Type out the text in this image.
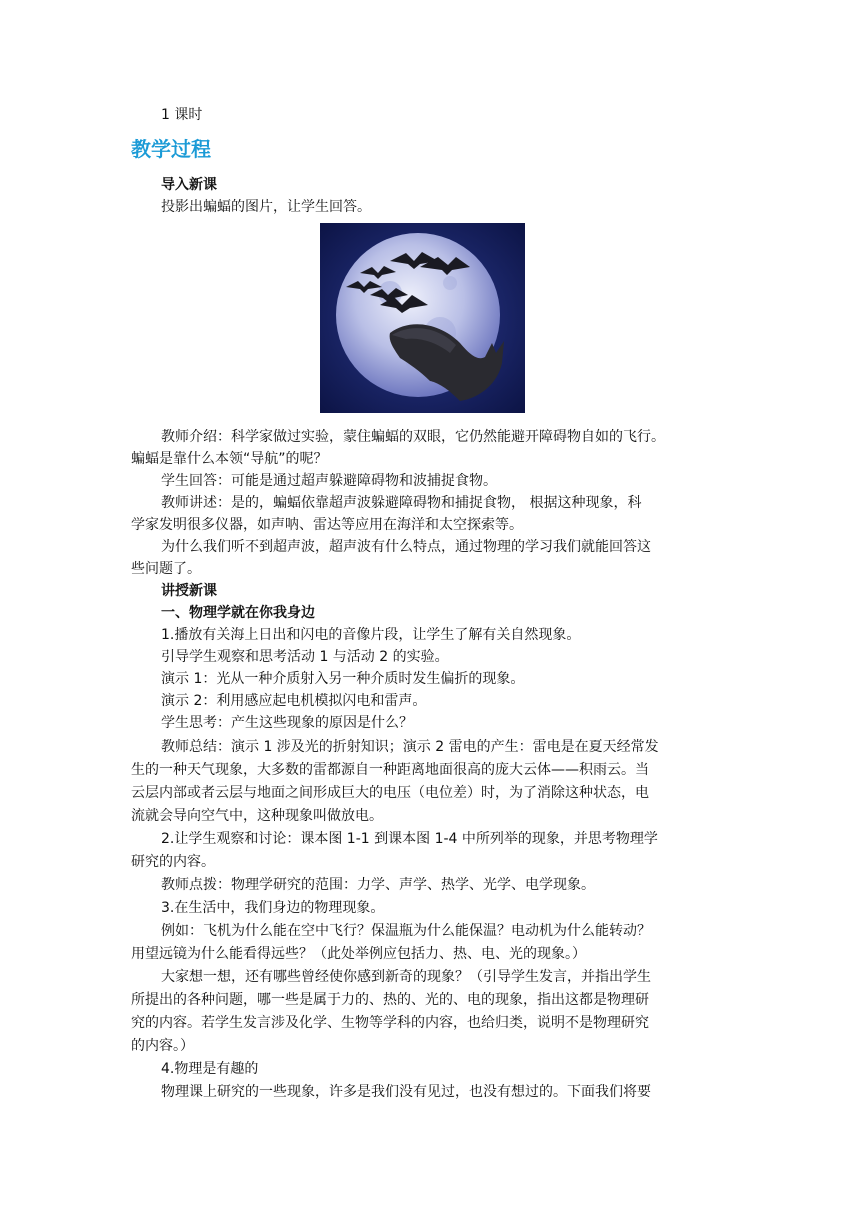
1 课时
教学过程
导入新课
投影出蝙蝠的图片，让学生回答。
教师介绍：科学家做过实验，蒙住蝙蝠的双眼，它仍然能避开障碍物自如的飞行。
蝙蝠是靠什么本领“导航”的呢？
学生回答：可能是通过超声躲避障碍物和波捕捉食物。
教师讲述：是的，蝙蝠依靠超声波躲避障碍物和捕捉食物， 根据这种现象，科
学家发明很多仪器，如声呐、雷达等应用在海洋和太空探索等。
为什么我们听不到超声波，超声波有什么特点，通过物理的学习我们就能回答这
些问题了。
讲授新课
一、物理学就在你我身边
1.播放有关海上日出和闪电的音像片段，让学生了解有关自然现象。
引导学生观察和思考活动 1 与活动 2 的实验。
演示 1：光从一种介质射入另一种介质时发生偏折的现象。
演示 2：利用感应起电机模拟闪电和雷声。
学生思考：产生这些现象的原因是什么？
教师总结：演示 1 涉及光的折射知识；演示 2 雷电的产生：雷电是在夏天经常发
生的一种天气现象，大多数的雷都源自一种距离地面很高的庞大云体——积雨云。当
云层内部或者云层与地面之间形成巨大的电压（电位差）时，为了消除这种状态，电
流就会导向空气中，这种现象叫做放电。
2.让学生观察和讨论：课本图 1-1 到课本图 1-4 中所列举的现象，并思考物理学
研究的内容。
教师点拨：物理学研究的范围：力学、声学、热学、光学、电学现象。
3.在生活中，我们身边的物理现象。
例如：飞机为什么能在空中飞行？保温瓶为什么能保温？电动机为什么能转动？
用望远镜为什么能看得远些？（此处举例应包括力、热、电、光的现象。）
大家想一想，还有哪些曾经使你感到新奇的现象？（引导学生发言，并指出学生
所提出的各种问题，哪一些是属于力的、热的、光的、电的现象，指出这都是物理研
究的内容。若学生发言涉及化学、生物等学科的内容，也给归类，说明不是物理研究
的内容。）
4.物理是有趣的
物理课上研究的一些现象，许多是我们没有见过，也没有想过的。下面我们将要
